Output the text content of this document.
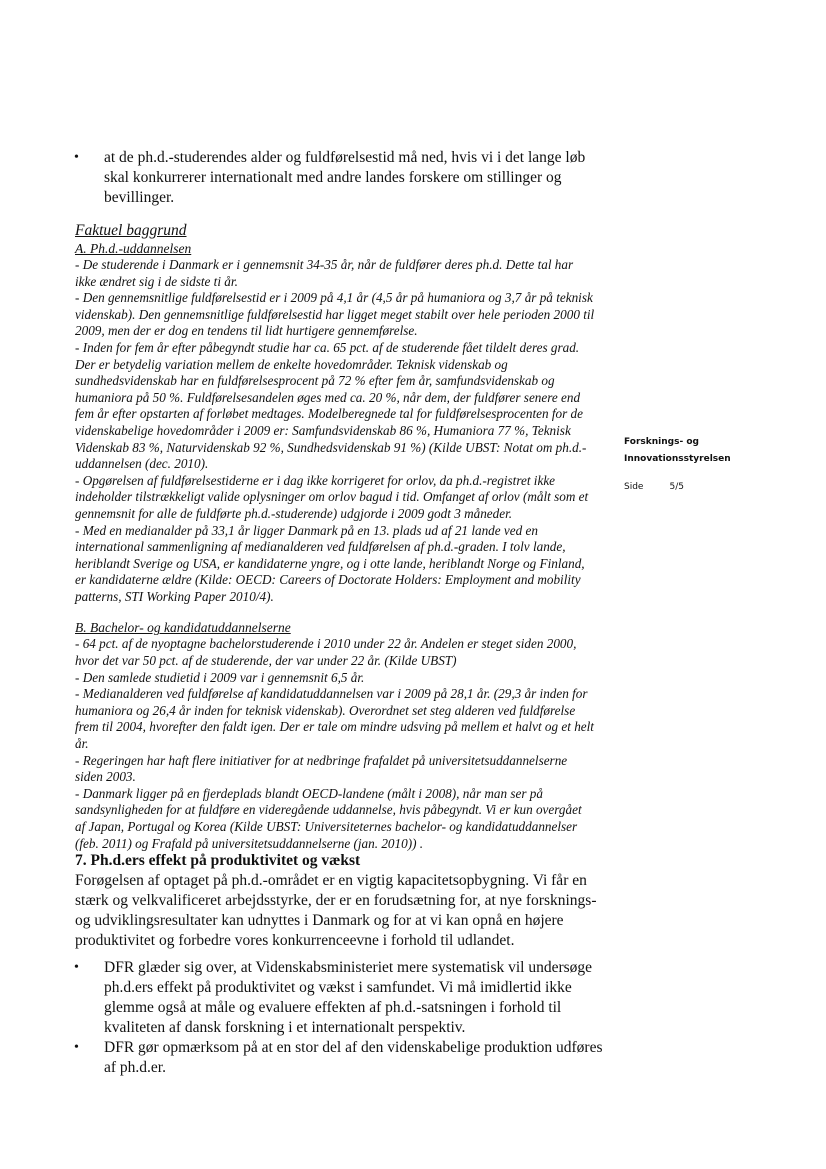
•	at de ph.d.-studerendes alder og fuldførelsestid må ned, hvis vi i det lange løb skal konkurrerer internationalt med andre landes forskere om stillinger og bevillinger.
Faktuel baggrund
A. Ph.d.-uddannelsen

- De studerende i Danmark er i gennemsnit 34-35 år, når de fuldfører deres ph.d. Dette tal har ikke ændret sig i de sidste ti år.

- Den gennemsnitlige fuldførelsestid er i 2009 på 4,1 år (4,5 år på humaniora og 3,7 år på teknisk videnskab). Den gennemsnitlige fuldførelsestid har ligget meget stabilt over hele perioden 2000 til 2009, men der er dog en tendens til lidt hurtigere gennemførelse.

- Inden for fem år efter påbegyndt studie har ca. 65 pct. af de studerende fået tildelt deres grad. Der er betydelig variation mellem de enkelte hovedområder. Teknisk videnskab og sundhedsvidenskab har en fuldførelsesprocent på 72 % efter fem år, samfundsvidenskab og humaniora på 50 %. Fuldførelsesandelen øges med ca. 20 %, når dem, der fuldfører senere end fem år efter opstarten af forløbet medtages. Modelberegnede tal for fuldførelsesprocenten for de videnskabelige hovedområder i 2009 er: Samfundsvidenskab 86 %, Humaniora 77 %, Teknisk Videnskab 83 %, Naturvidenskab 92 %, Sundhedsvidenskab 91 %) (Kilde UBST: Notat om ph.d.-uddannelsen (dec. 2010).

- Opgørelsen af fuldførelsestiderne er i dag ikke korrigeret for orlov, da ph.d.-registret ikke indeholder tilstrækkeligt valide oplysninger om orlov bagud i tid. Omfanget af orlov (målt som et gennemsnit for alle de fuldførte ph.d.-studerende) udgjorde i 2009 godt 3 måneder.

- Med en medianalder på 33,1 år ligger Danmark på en 13. plads ud af 21 lande ved en international sammenligning af medianalderen ved fuldførelsen af ph.d.-graden. I tolv lande, heriblandt Sverige og USA, er kandidaterne yngre, og i otte lande, heriblandt Norge og Finland, er kandidaterne ældre (Kilde: OECD: Careers of Doctorate Holders: Employment and mobility patterns, STI Working Paper 2010/4).

B. Bachelor- og kandidatuddannelserne

- 64 pct. af de nyoptagne bachelorstuderende i 2010 under 22 år. Andelen er steget siden 2000, hvor det var 50 pct. af de studerende, der var under 22 år. (Kilde UBST)

- Den samlede studietid i 2009 var i gennemsnit 6,5 år.

- Medianalderen ved fuldførelse af kandidatuddannelsen var i 2009 på 28,1 år. (29,3 år inden for humaniora og 26,4 år inden for teknisk videnskab). Overordnet set steg alderen ved fuldførelse frem til 2004, hvorefter den faldt igen. Der er tale om mindre udsving på mellem et halvt og et helt år.

- Regeringen har haft flere initiativer for at nedbringe frafaldet på universitetsuddannelserne siden 2003.

- Danmark ligger på en fjerdeplads blandt OECD-landene (målt i 2008), når man ser på sandsynligheden for at fuldføre en videregående uddannelse, hvis påbegyndt. Vi er kun overgået af Japan, Portugal og Korea (Kilde UBST: Universiteternes bachelor- og kandidatuddannelser (feb. 2011) og Frafald på universitetsuddannelserne (jan. 2010)) .

7. Ph.d.ers effekt på produktivitet og vækst

Forøgelsen af optaget på ph.d.-området er en vigtig kapacitetsopbygning. Vi får en stærk og velkvalificeret arbejdsstyrke, der er en forudsætning for, at nye forsknings- og udviklingsresultater kan udnyttes i Danmark og for at vi kan opnå en højere produktivitet og forbedre vores konkurrenceevne i forhold til udlandet.

•	DFR glæder sig over, at Videnskabsministeriet mere systematisk vil undersøge ph.d.ers effekt på produktivitet og vækst i samfundet. Vi må imidlertid ikke glemme også at måle og evaluere effekten af ph.d.-satsningen i forhold til kvaliteten af dansk forskning i et internationalt perspektiv.
•	DFR gør opmærksom på at en stor del af den videnskabelige produktion udføres af ph.d.er.
Forsknings- og
Innovationsstyrelsen
Side	5/5
